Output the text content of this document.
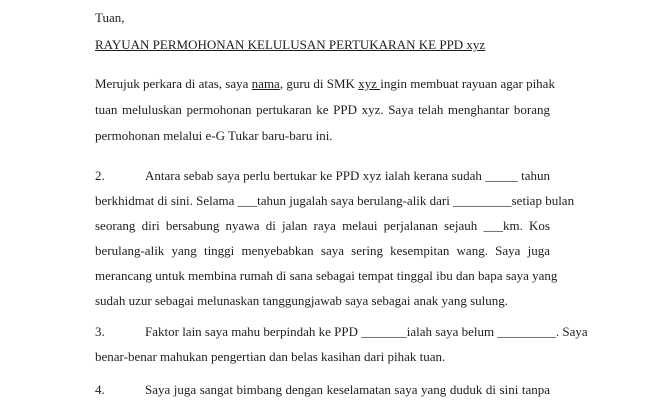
Tuan,
RAYUAN PERMOHONAN KELULUSAN PERTUKARAN KE PPD xyz
Merujuk perkara di atas, saya nama, guru di SMK xyz ingin membuat rayuan agar pihak
tuan meluluskan permohonan pertukaran ke PPD xyz. Saya telah menghantar borang
permohonan melalui e-G Tukar baru-baru ini.
2.	Antara sebab saya perlu bertukar ke PPD xyz ialah kerana sudah _____ tahun
berkhidmat di sini. Selama ___tahun jugalah saya berulang-alik dari _________setiap bulan
seorang diri bersabung nyawa di jalan raya melaui perjalanan sejauh ___km. Kos
berulang-alik yang tinggi menyebabkan saya sering kesempitan wang. Saya juga
merancang untuk membina rumah di sana sebagai tempat tinggal ibu dan bapa saya yang
sudah uzur sebagai melunaskan tanggungjawab saya sebagai anak yang sulung.
3.	Faktor lain saya mahu berpindah ke PPD _______ialah saya belum _________. Saya
benar-benar mahukan pengertian dan belas kasihan dari pihak tuan.
4.	Saya juga sangat bimbang dengan keselamatan saya yang duduk di sini tanpa
